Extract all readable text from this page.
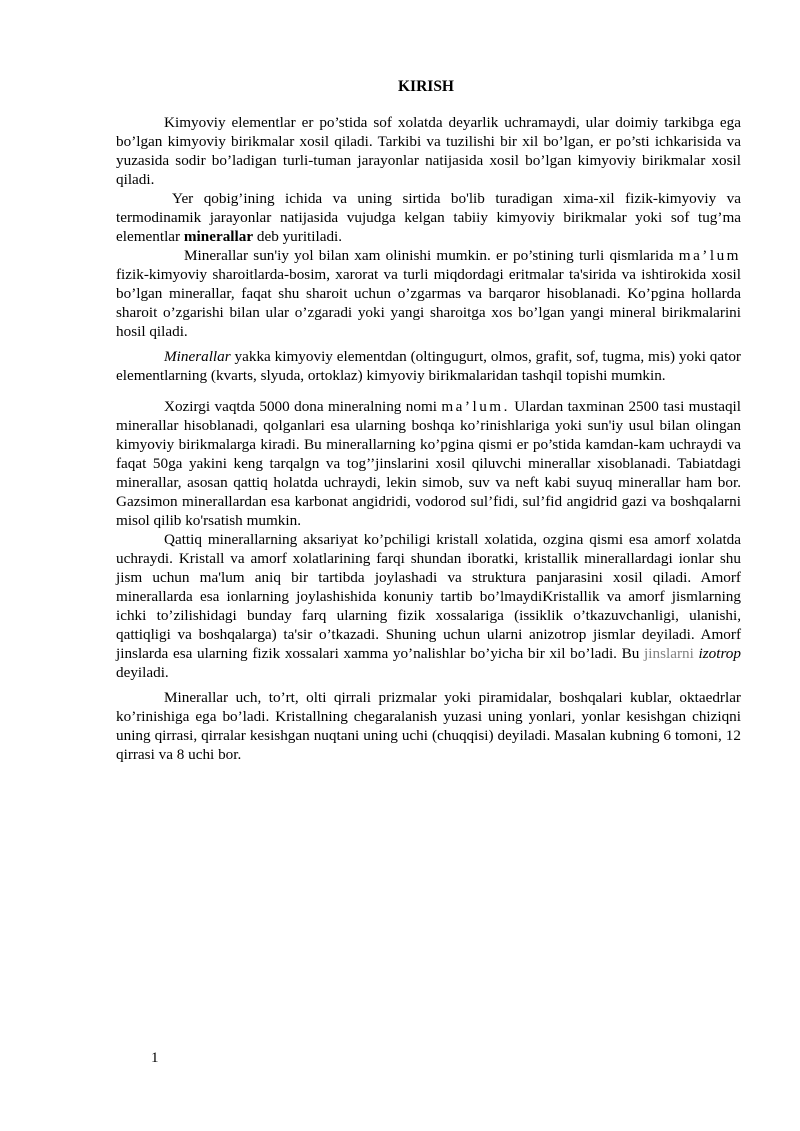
KIRISH

Kimyoviy elementlar er po’stida sof xolatda deyarlik uchramaydi, ular doimiy tarkibga ega bo’lgan kimyoviy birikmalar xosil qiladi. Tarkibi va tuzilishi bir xil bo’lgan, er po’sti ichkarisida va yuzasida sodir bo’ladigan turli-tuman jarayonlar natijasida xosil bo’lgan kimyoviy birikmalar xosil qiladi.

Yer qobig’ining ichida va uning sirtida bo'lib turadigan xima-xil fizik-kimyoviy va termodinamik jarayonlar natijasida vujudga kelgan tabiiy kimyoviy birikmalar yoki sof tug’ma elementlar minerallar deb yuritiladi.

Minerallar sun'iy yol bilan xam olinishi mumkin. er po’stining turli qismlarida ma’lum fizik-kimyoviy sharoitlarda-bosim, xarorat va turli miqdordagi eritmalar ta'sirida va ishtirokida xosil bo’lgan minerallar, faqat shu sharoit uchun o’zgarmas va barqaror hisoblanadi. Ko’pgina hollarda sharoit o’zgarishi bilan ular o’zgaradi yoki yangi sharoitga xos bo’lgan yangi mineral birikmalarini hosil qiladi.

Minerallar yakka kimyoviy elementdan (oltingugurt, olmos, grafit, sof, tugma, mis) yoki qator elementlarning (kvarts, slyuda, ortoklaz) kimyoviy birikmalaridan tashqil topishi mumkin.

Xozirgi vaqtda 5000 dona mineralning nomi ma’lum. Ulardan taxminan 2500 tasi mustaqil minerallar hisoblanadi, qolganlari esa ularning boshqa ko’rinishlariga yoki sun'iy usul bilan olingan kimyoviy birikmalarga kiradi. Bu minerallarning ko’pgina qismi er po’stida kamdan-kam uchraydi va faqat 50ga yakini keng tarqalgn va tog’’jinslarini xosil qiluvchi minerallar xisoblanadi. Tabiatdagi minerallar, asosan qattiq holatda uchraydi, lekin simob, suv va neft kabi suyuq minerallar ham bor. Gazsimon minerallardan esa karbonat angidridi, vodorod sul’fidi, sul’fid angidrid gazi va boshqalarni misol qilib ko'rsatish mumkin.

Qattiq minerallarning aksariyat ko’pchiligi kristall xolatida, ozgina qismi esa amorf xolatda uchraydi. Kristall va amorf xolatlarining farqi shundan iboratki, kristallik minerallardagi ionlar shu jism uchun ma'lum aniq bir tartibda joylashadi va struktura panjarasini xosil qiladi. Amorf minerallarda esa ionlarning joylashishida konuniy tartib bo’lmaydiKristallik va amorf jismlarning ichki to’zilishidagi bunday farq ularning fizik xossalariga (issiklik o’tkazuvchanligi, ulanishi, qattiqligi va boshqalarga) ta'sir o’tkazadi. Shuning uchun ularni anizotrop jismlar deyiladi. Amorf jinslarda esa ularning fizik xossalari xamma yo’nalishlar bo’yicha bir xil bo’ladi. Bu jinslarni izotrop deyiladi.

Minerallar uch, to’rt, olti qirrali prizmalar yoki piramidalar, boshqalari kublar, oktaedrlar ko’rinishiga ega bo’ladi. Kristallning chegaralanish yuzasi uning yonlari, yonlar kesishgan chiziqni uning qirrasi, qirralar kesishgan nuqtani uning uchi (chuqqisi) deyiladi. Masalan kubning 6 tomoni, 12 qirrasi va 8 uchi bor.

1
